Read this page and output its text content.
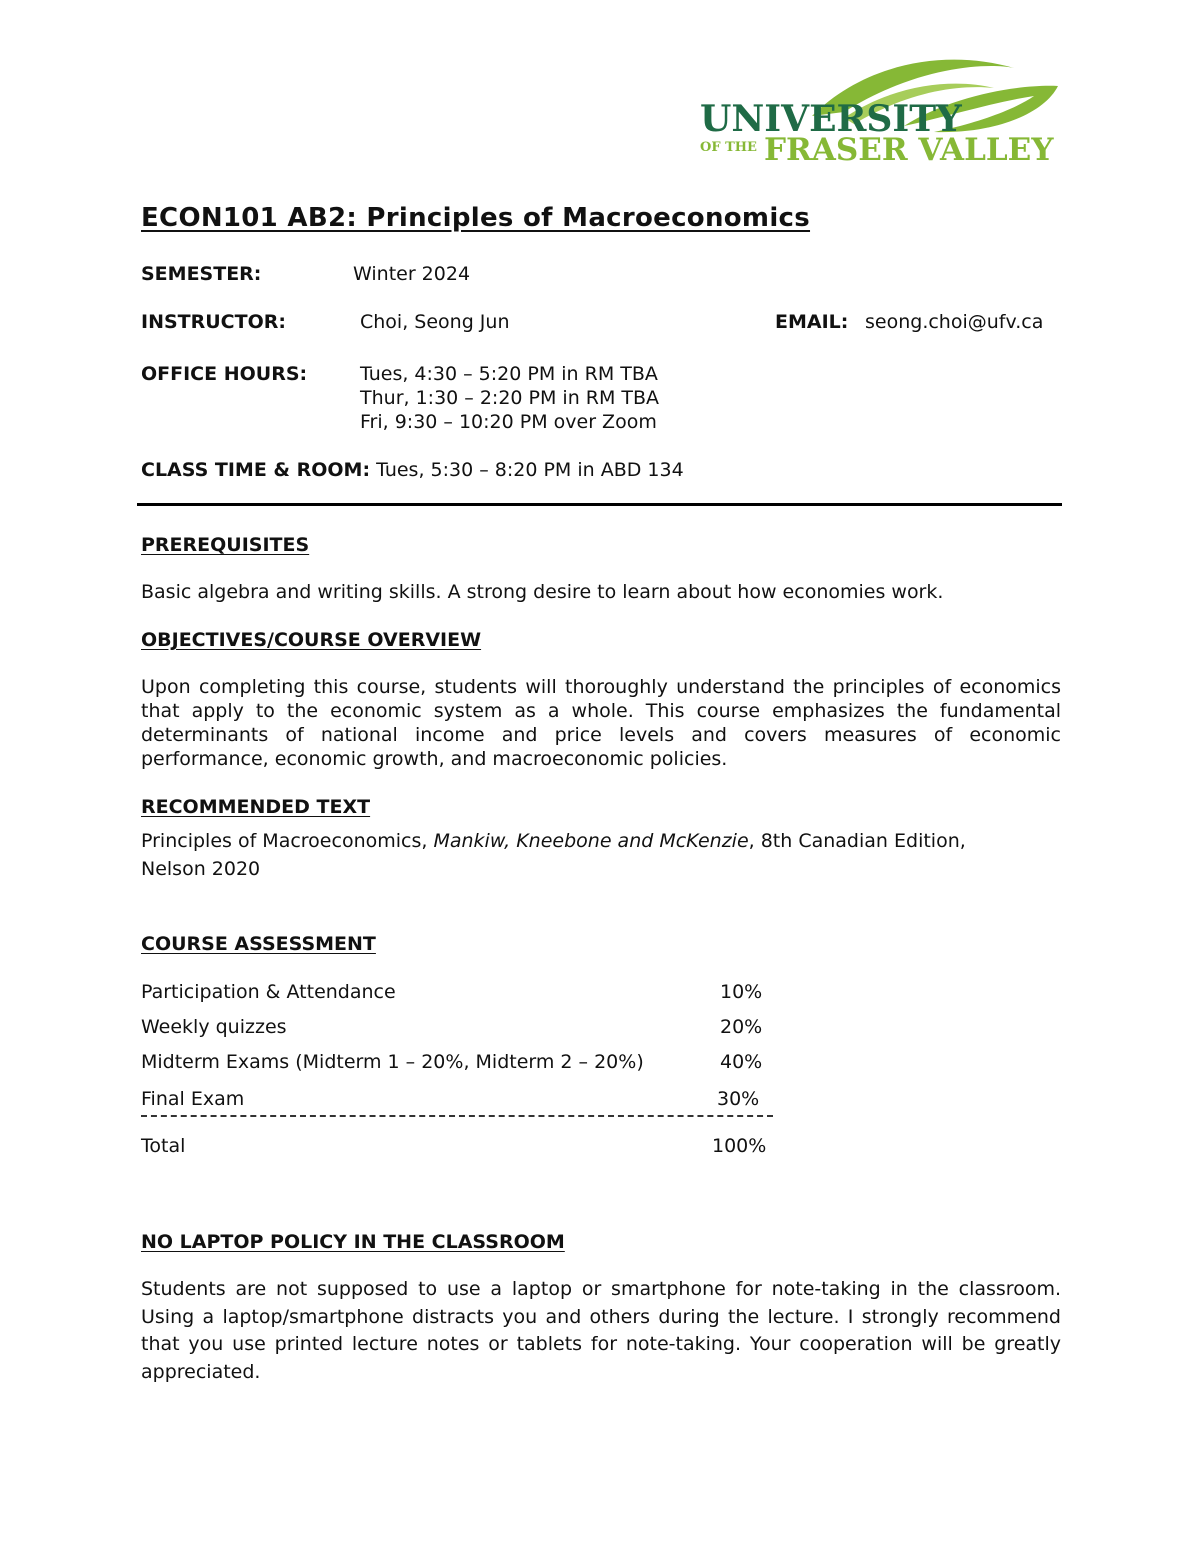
UNIVERSITY
OF THE FRASER VALLEY
ECON101 AB2: Principles of Macroeconomics
SEMESTER:	Winter 2024
INSTRUCTOR:	Choi, Seong Jun	EMAIL: seong.choi@ufv.ca
OFFICE HOURS:	Tues, 4:30 – 5:20 PM in RM TBA
Thur, 1:30 – 2:20 PM in RM TBA
Fri, 9:30 – 10:20 PM over Zoom
CLASS TIME & ROOM: Tues, 5:30 – 8:20 PM in ABD 134
PREREQUISITES
Basic algebra and writing skills. A strong desire to learn about how economies work.
OBJECTIVES/COURSE OVERVIEW
Upon completing this course, students will thoroughly understand the principles of economics that apply to the economic system as a whole. This course emphasizes the fundamental determinants of national income and price levels and covers measures of economic performance, economic growth, and macroeconomic policies.
RECOMMENDED TEXT
Principles of Macroeconomics, Mankiw, Kneebone and McKenzie, 8th Canadian Edition,
Nelson 2020
COURSE ASSESSMENT
Participation & Attendance	10%
Weekly quizzes	20%
Midterm Exams (Midterm 1 – 20%, Midterm 2 – 20%)	40%
Final Exam	30%
Total	100%
NO LAPTOP POLICY IN THE CLASSROOM
Students are not supposed to use a laptop or smartphone for note-taking in the classroom. Using a laptop/smartphone distracts you and others during the lecture. I strongly recommend that you use printed lecture notes or tablets for note-taking. Your cooperation will be greatly appreciated.
